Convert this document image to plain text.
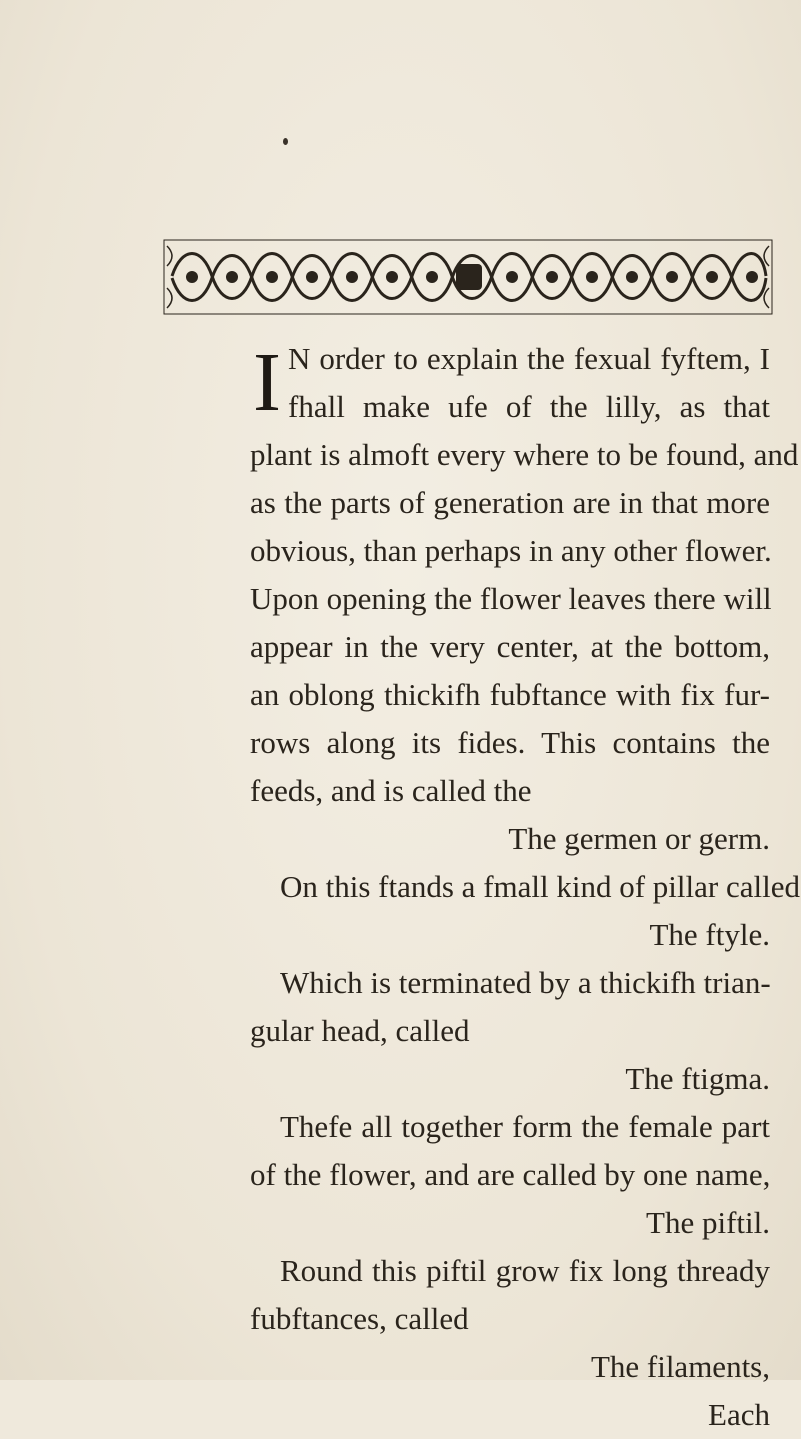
I N order to explain the fexual fyftem, I
fhall make ufe of the lilly, as that
plant is almoft every where to be found, and
as the parts of generation are in that more
obvious, than perhaps in any other flower.
Upon opening the flower leaves there will
appear in the very center, at the bottom,
an oblong thickifh fubftance with fix fur-
rows along its fides. This contains the
feeds, and is called the
The germen or germ.
On this ftands a fmall kind of pillar called
The ftyle.
Which is terminated by a thickifh trian-
gular head, called
The ftigma.
Thefe all together form the female part
of the flower, and are called by one name,
The piftil.
Round this piftil grow fix long thready
fubftances, called
The filaments,
Each
